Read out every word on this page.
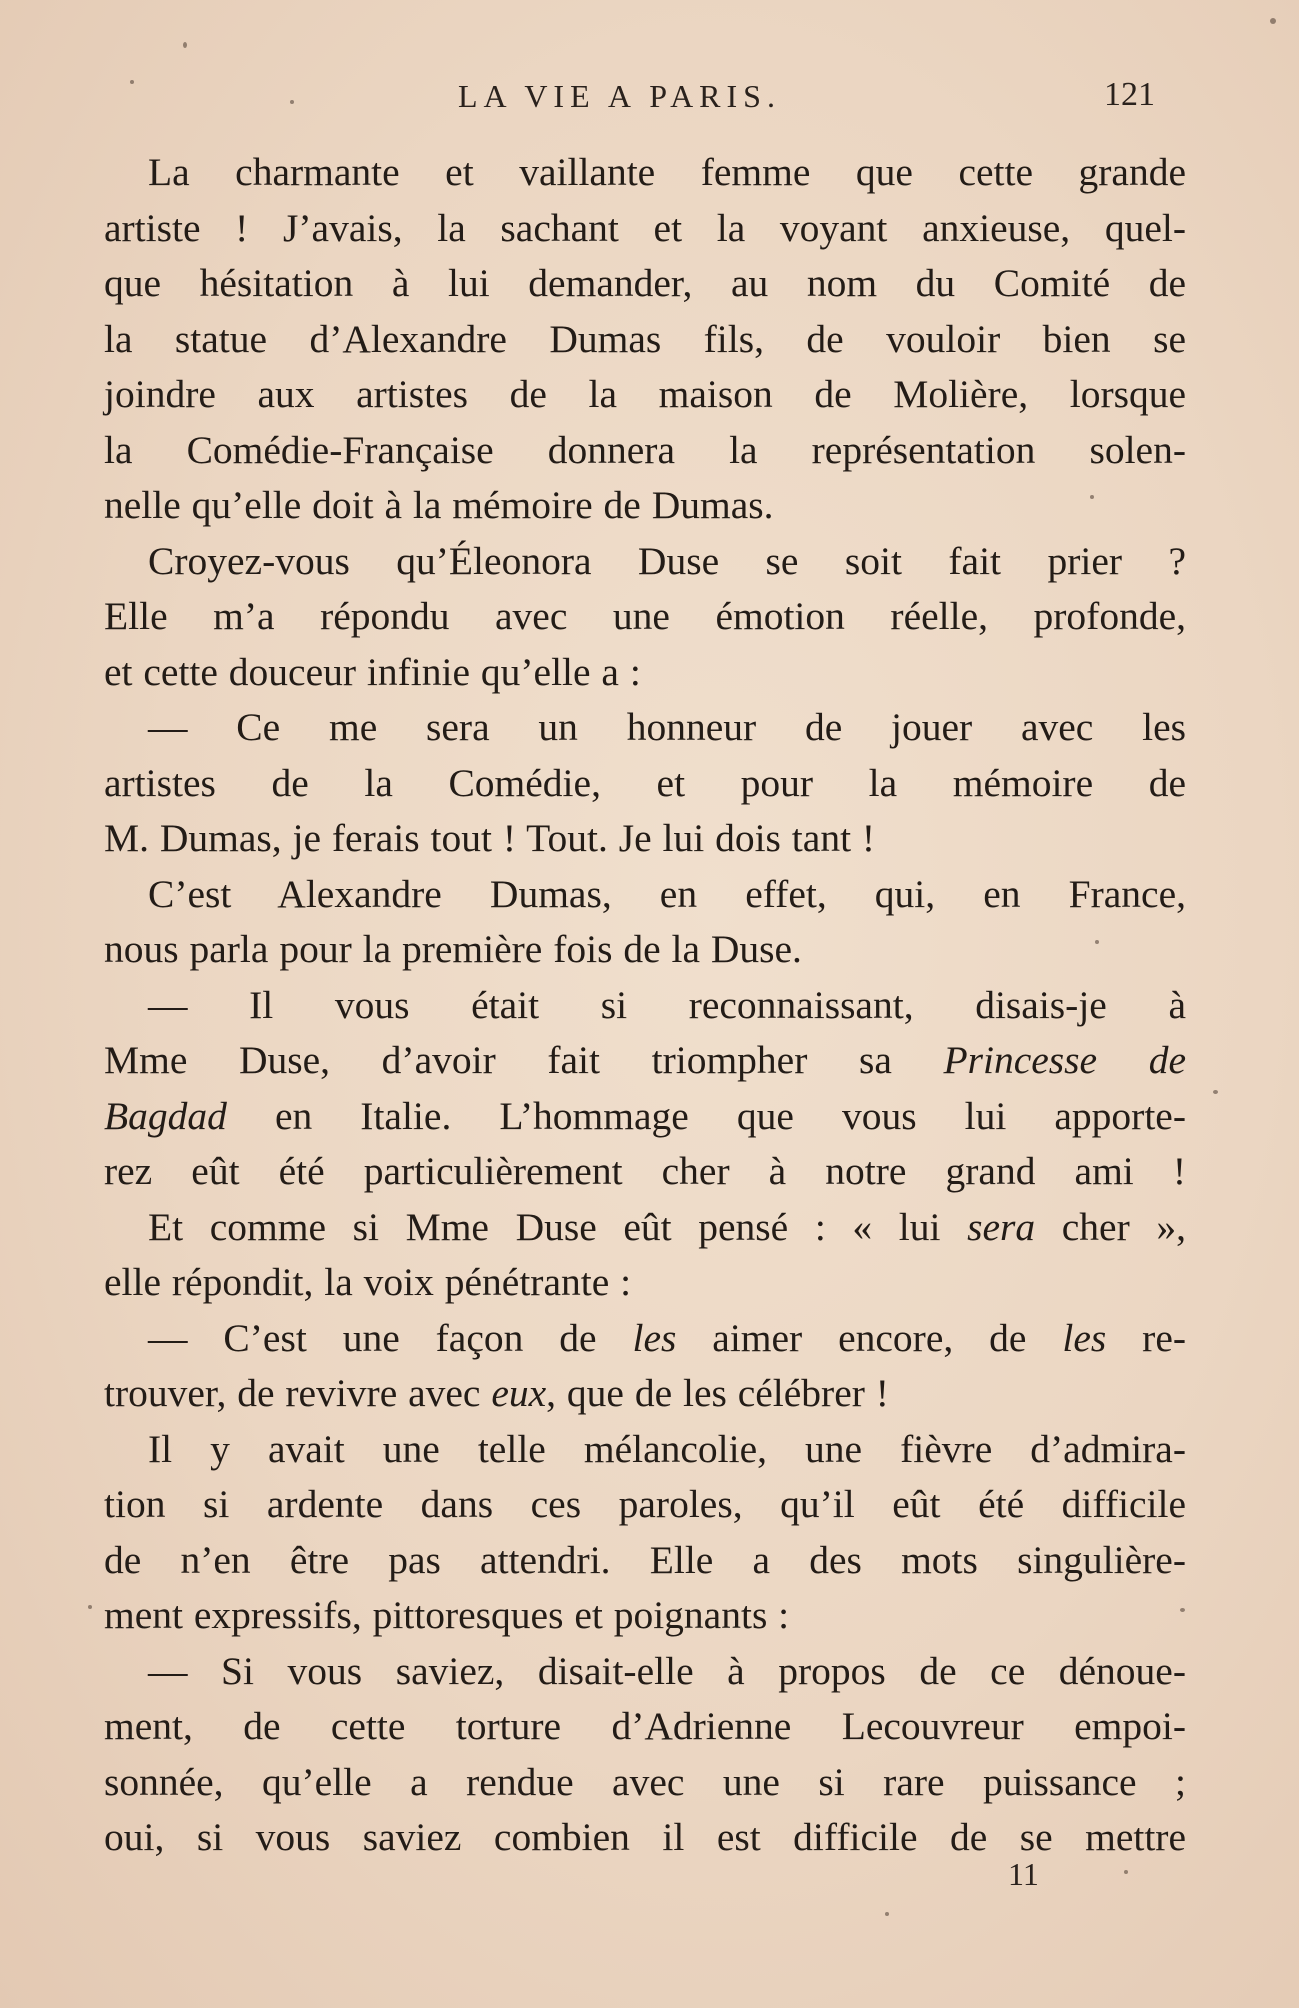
LA VIE A PARIS.	121
La charmante et vaillante femme que cette grande
artiste ! J’avais, la sachant et la voyant anxieuse, quel-
que hésitation à lui demander, au nom du Comité de
la statue d’Alexandre Dumas fils, de vouloir bien se
joindre aux artistes de la maison de Molière, lorsque
la Comédie-Française donnera la représentation solen-
nelle qu’elle doit à la mémoire de Dumas.
Croyez-vous qu’Éleonora Duse se soit fait prier ?
Elle m’a répondu avec une émotion réelle, profonde,
et cette douceur infinie qu’elle a :
— Ce me sera un honneur de jouer avec les
artistes de la Comédie, et pour la mémoire de
M. Dumas, je ferais tout ! Tout. Je lui dois tant !
C’est Alexandre Dumas, en effet, qui, en France,
nous parla pour la première fois de la Duse.
— Il vous était si reconnaissant, disais-je à
Mme Duse, d’avoir fait triompher sa Princesse de
Bagdad en Italie. L’hommage que vous lui apporte-
rez eût été particulièrement cher à notre grand ami !
Et comme si Mme Duse eût pensé : « lui sera cher »,
elle répondit, la voix pénétrante :
— C’est une façon de les aimer encore, de les re-
trouver, de revivre avec eux, que de les célébrer !
Il y avait une telle mélancolie, une fièvre d’admira-
tion si ardente dans ces paroles, qu’il eût été difficile
de n’en être pas attendri. Elle a des mots singulière-
ment expressifs, pittoresques et poignants :
— Si vous saviez, disait-elle à propos de ce dénoue-
ment, de cette torture d’Adrienne Lecouvreur empoi-
sonnée, qu’elle a rendue avec une si rare puissance ;
oui, si vous saviez combien il est difficile de se mettre
11
